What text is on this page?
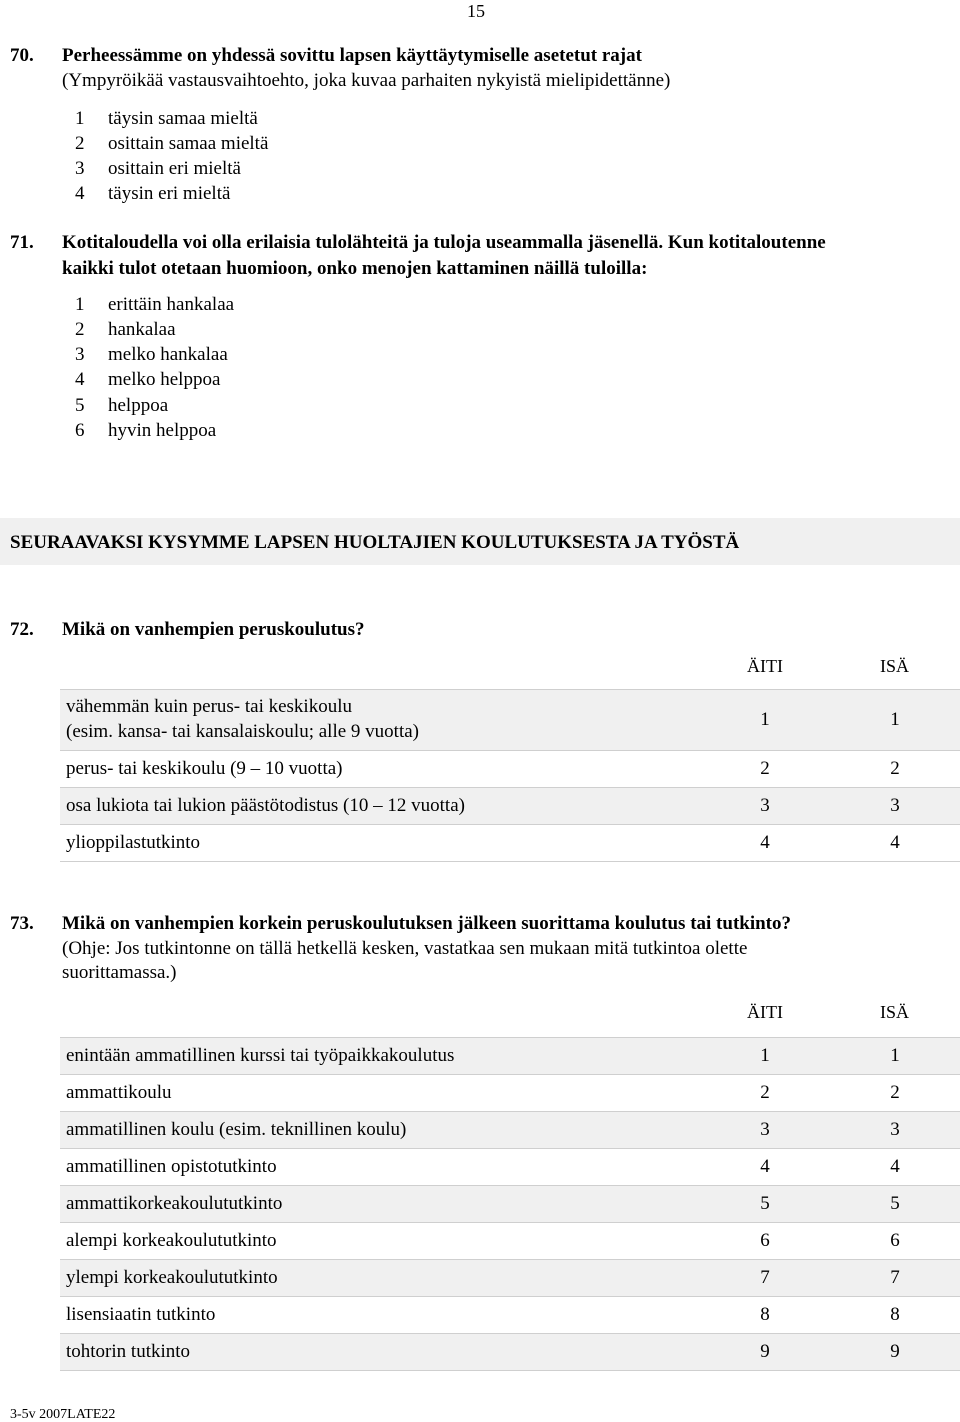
15
70. Perheessämme on yhdessä sovittu lapsen käyttäytymiselle asetetut rajat
(Ympyröikää vastausvaihtoehto, joka kuvaa parhaiten nykyistä mielipidettänne)
1 täysin samaa mieltä
2 osittain samaa mieltä
3 osittain eri mieltä
4 täysin eri mieltä
71. Kotitaloudella voi olla erilaisia tulolähteitä ja tuloja useammalla jäsenellä. Kun kotitaloutenne
kaikki tulot otetaan huomioon, onko menojen kattaminen näillä tuloilla:
1 erittäin hankalaa
2 hankalaa
3 melko hankalaa
4 melko helppoa
5 helppoa
6 hyvin helppoa
SEURAAVAKSI KYSYMME LAPSEN HUOLTAJIEN KOULUTUKSESTA JA TYÖSTÄ
72. Mikä on vanhempien peruskoulutus?
ÄITI	ISÄ
vähemmän kuin perus- tai keskikoulu
(esim. kansa- tai kansalaiskoulu; alle 9 vuotta)	1	1
perus- tai keskikoulu (9 – 10 vuotta)	2	2
osa lukiota tai lukion päästötodistus (10 – 12 vuotta)	3	3
ylioppilastutkinto	4	4
73. Mikä on vanhempien korkein peruskoulutuksen jälkeen suorittama koulutus tai tutkinto?
(Ohje: Jos tutkintonne on tällä hetkellä kesken, vastatkaa sen mukaan mitä tutkintoa olette
suorittamassa.)
ÄITI	ISÄ
enintään ammatillinen kurssi tai työpaikkakoulutus	1	1
ammattikoulu	2	2
ammatillinen koulu (esim. teknillinen koulu)	3	3
ammatillinen opistotutkinto	4	4
ammattikorkeakoulututkinto	5	5
alempi korkeakoulututkinto	6	6
ylempi korkeakoulututkinto	7	7
lisensiaatin tutkinto	8	8
tohtorin tutkinto	9	9
3-5v 2007LATE22
